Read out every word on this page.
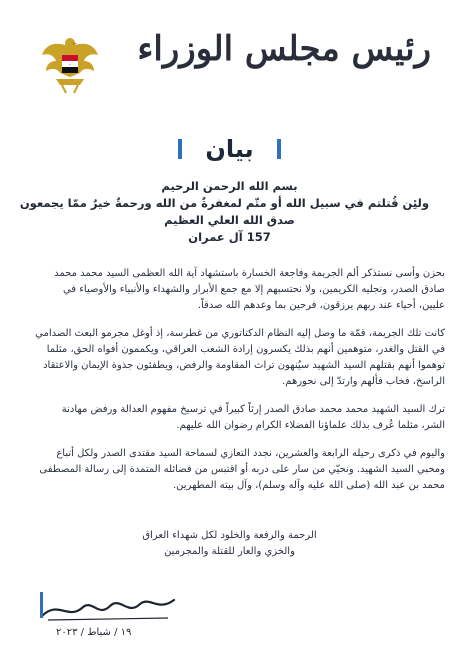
* رئيس مجلس الوزراء
بيان
بسم الله الرحمن الرحيم
ولئِن قُتلتم في سبيل الله أو متّم لمغفرةٌ من الله ورحمةٌ خيرٌ ممّا يجمعون
صدق الله العلي العظيم
157 آل عمران
بحزن وأسى نستذكر ألم الجريمة وفاجعة الخسارة باستشهاد آية الله العظمى السيد محمد محمد
صادق الصدر، ونجليه الكريمين، ولا نحتسبهم إلا مع جمع الأبرار والشهداء والأنبياء والأوصياء في
عليين، أحياء عند ربهم يرزقون، فرحين بما وعدهم الله صدقاً.
كانت تلك الجريمة، قمّة ما وصل إليه النظام الدكتاتوري من غطرسة، إذ أوغل مجرمو البعث الصدامي
في القتل والغدر، متوهمين أنهم بذلك يكسرون إرادة الشعب العراقي، ويكممون أفواه الحق، مثلما
توهموا أنهم بقتلهم السيد الشهيد سيُنهون تراث المقاومة والرفض، ويطفئون جذوة الإيمان والاعتقاد
الراسخ، فخاب فألهم وارتدّ إلى نحورهم.
ترك السيد الشهيد محمد محمد صادق الصدر إرثاً كبيراً في ترسيخ مفهوم العدالة ورفض مهادنة
الشر، مثلما عُرف بذلك علماؤنا الفضلاء الكرام رضوان الله عليهم.
واليوم في ذكرى رحيله الرابعة والعشرين، نجدد التعازي لسماحة السيد مقتدى الصدر ولكل أتباع
ومحبي السيد الشهيد. ونحيّي من سار على دربه أو اقتبس من فضائله المتمدة إلى رسالة المصطفى
محمد بن عبد الله (صلى الله عليه وآله وسلم)، وآل بيته المطهرين.
الرحمة والرفعة والخلود لكل شهداء العراق
والخزي والعار للقتلة والمجرمين
١٩ / شباط / ٢٠٢٣
